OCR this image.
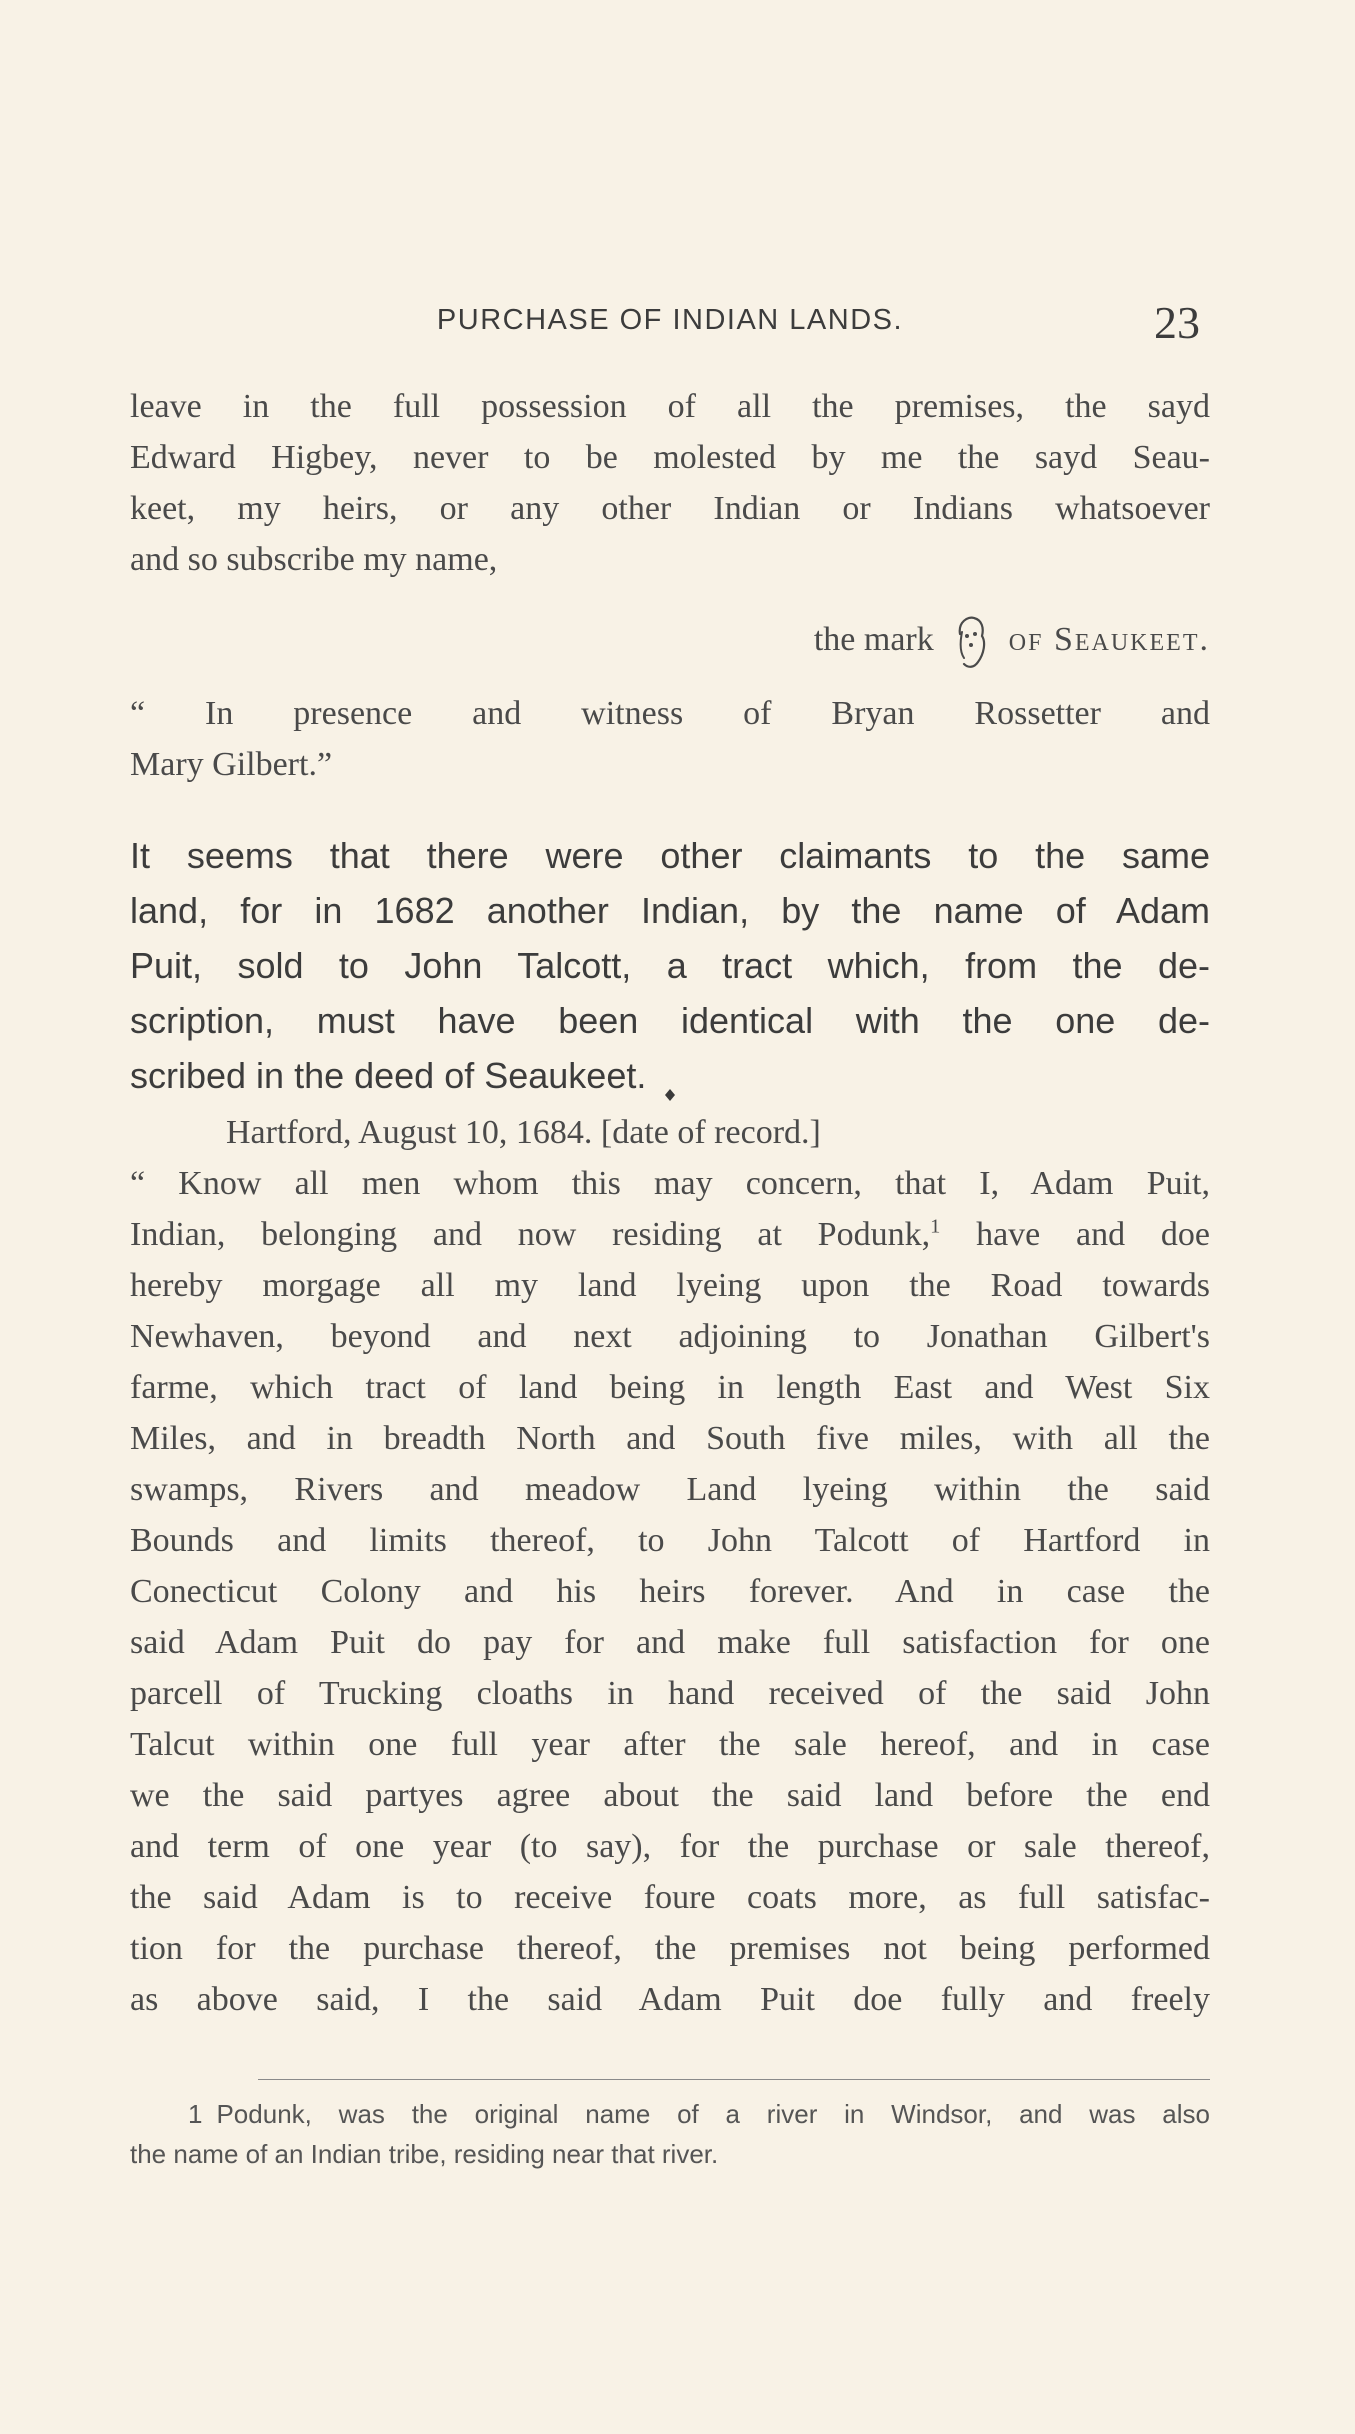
PURCHASE OF INDIAN LANDS.	23
leave in the full possession of all the premises, the sayd
Edward Higbey, never to be molested by me the sayd Seau-
keet, my heirs, or any other Indian or Indians whatsoever
and so subscribe my name,
the mark of Seaukeet.
“ In presence and witness of Bryan Rossetter and
Mary Gilbert.”
It seems that there were other claimants to the same
land, for in 1682 another Indian, by the name of Adam
Puit, sold to John Talcott, a tract which, from the de-
scription, must have been identical with the one de-
scribed in the deed of Seaukeet.
Hartford, August 10, 1684. [date of record.]
“ Know all men whom this may concern, that I, Adam Puit,
Indian, belonging and now residing at Podunk,$^1$ have and doe
hereby morgage all my land lyeing upon the Road towards
Newhaven, beyond and next adjoining to Jonathan Gilbert's
farme, which tract of land being in length East and West Six
Miles, and in breadth North and South five miles, with all the
swamps, Rivers and meadow Land lyeing within the said
Bounds and limits thereof, to John Talcott of Hartford in
Conecticut Colony and his heirs forever. And in case the
said Adam Puit do pay for and make full satisfaction for one
parcell of Trucking cloaths in hand received of the said John
Talcut within one full year after the sale hereof, and in case
we the said partyes agree about the said land before the end
and term of one year (to say), for the purchase or sale thereof,
the said Adam is to receive foure coats more, as full satisfac-
tion for the purchase thereof, the premises not being performed
as above said, I the said Adam Puit doe fully and freely
1 Podunk, was the original name of a river in Windsor, and was also
the name of an Indian tribe, residing near that river.
